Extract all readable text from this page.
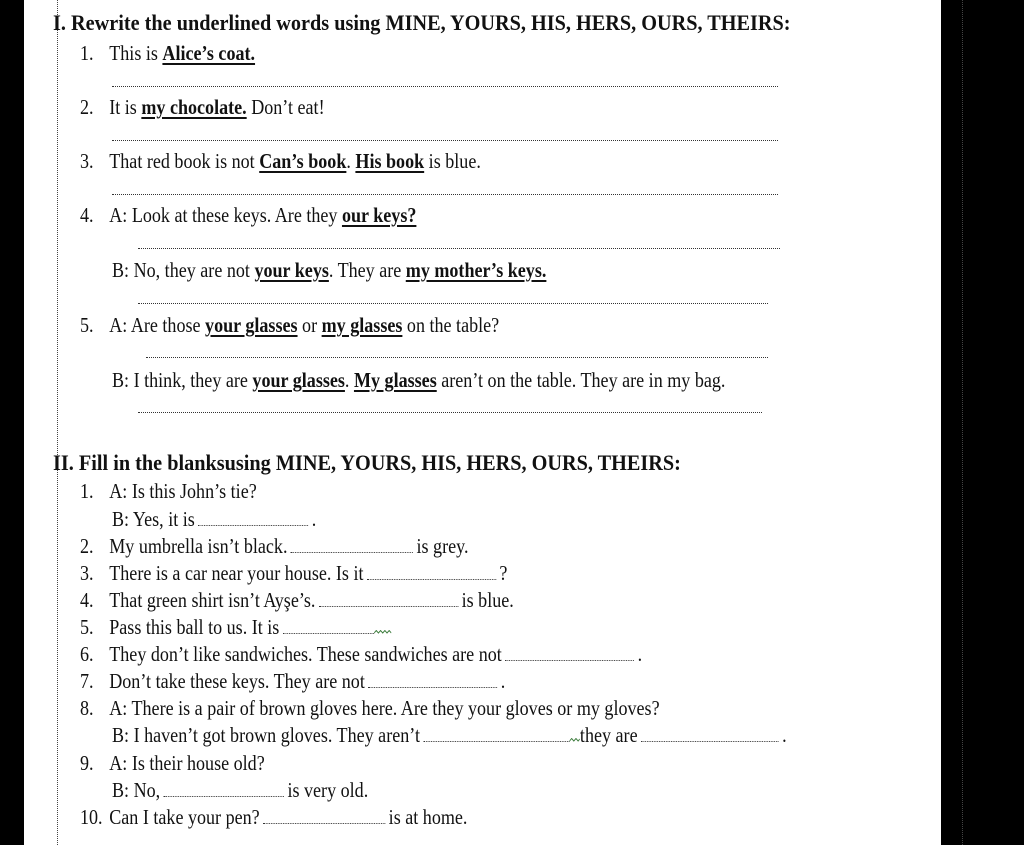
I. Rewrite the underlined words using MINE, YOURS, HIS, HERS, OURS, THEIRS:
1. This is Alice’s coat.
2. It is my chocolate. Don’t eat!
3. That red book is not Can’s book. His book is blue.
4. A: Look at these keys. Are they our keys?
B: No, they are not your keys. They are my mother’s keys.
5. A: Are those your glasses or my glasses on the table?
B: I think, they are your glasses. My glasses aren’t on the table. They are in my bag.
II. Fill in the blanksusing MINE, YOURS, HIS, HERS, OURS, THEIRS:
1. A: Is this John’s tie?
B: Yes, it is	.
2. My umbrella isn’t black.	is grey.
3. There is a car near your house. Is it	?
4. That green shirt isn’t Ayşe’s.	is blue.
5. Pass this ball to us. It is
6. They don’t like sandwiches. These sandwiches are not	.
7. Don’t take these keys. They are not	.
8. A: There is a pair of brown gloves here. Are they your gloves or my gloves?
B: I haven’t got brown gloves. They aren’t	they are	.
9. A: Is their house old?
B: No,	is very old.
10. Can I take your pen?	is at home.
